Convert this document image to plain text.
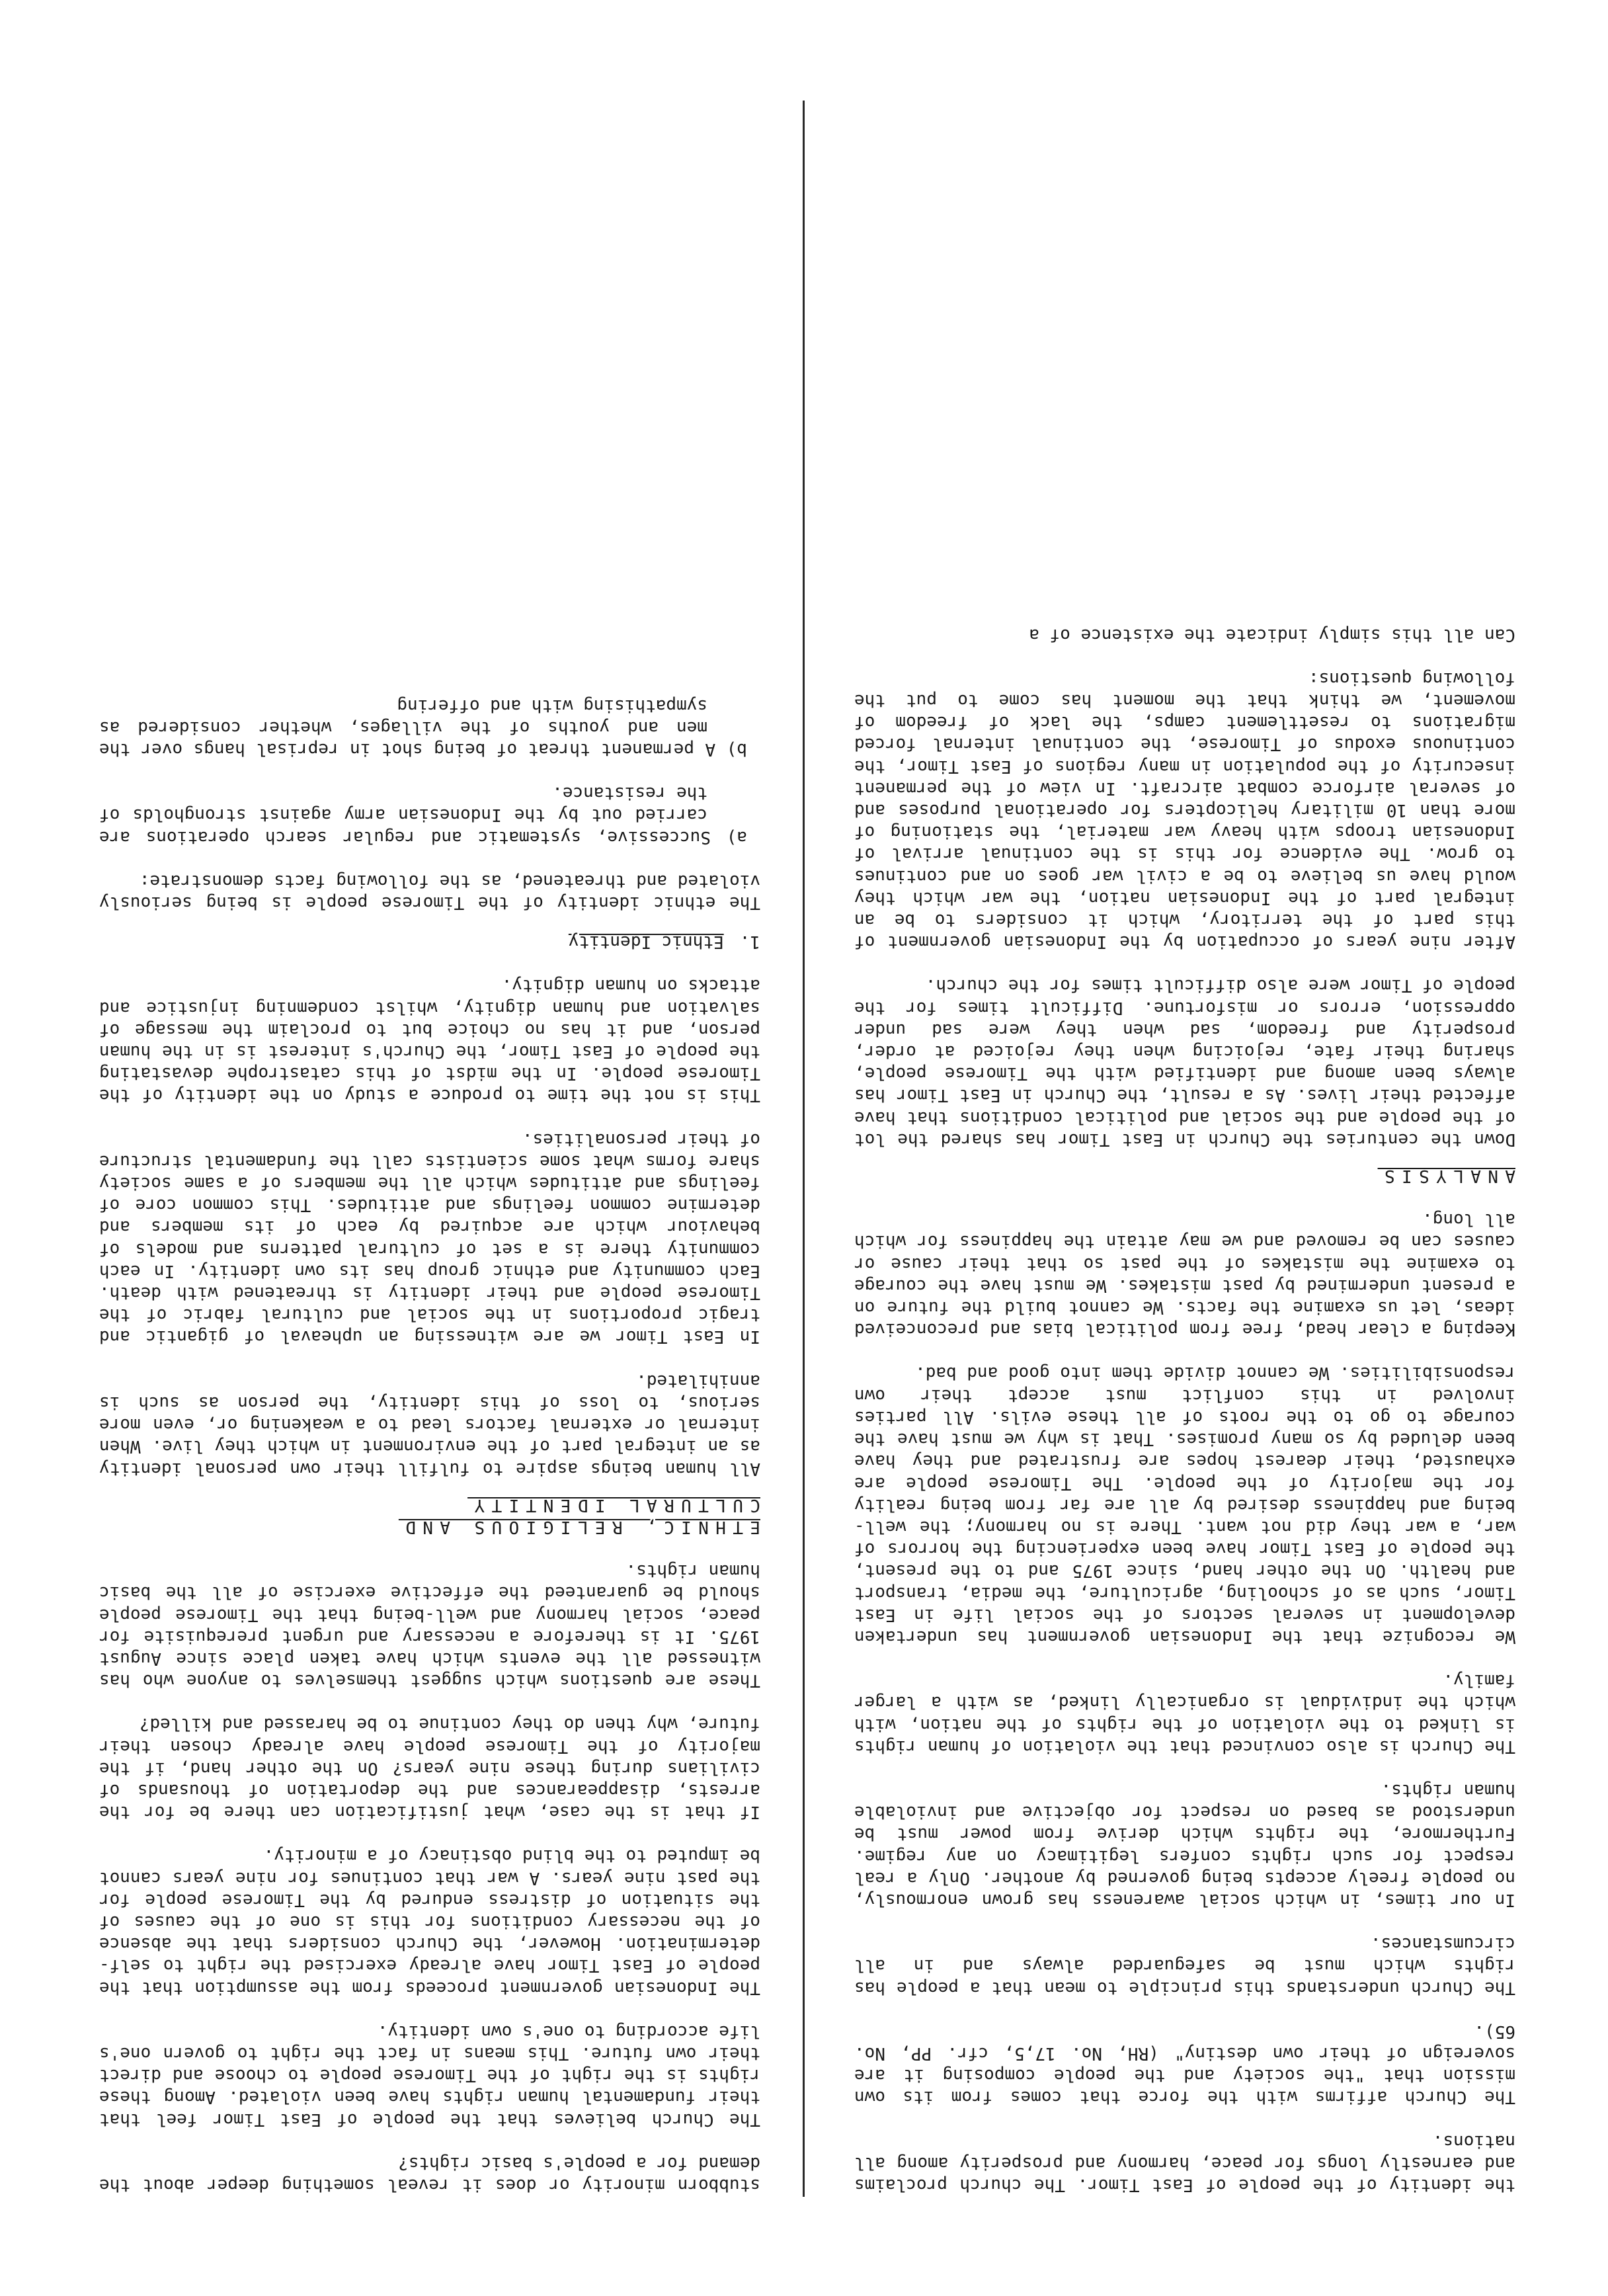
the identity of the people of East Timor. The church proclaims and earnestly longs for peace, harmony and prosperity among all nations.

The Church affirms with the force that comes from its own mission that "the society and the people composing it are sovereign of their own destiny" (RH, No. 17,5, cfr. PP, No. 65).

The Church understands this principle to mean that a people has rights which must be safeguarded always and in all circumstances.

In our times, in which social awareness has grown enormously, no people freely accepts being governed by another. Only a real respect for such rights confers legitimacy on any regime. Furthermore, the rights which derive from power must be understood as based on respect for objective and inviolable human rights.

The Church is also convinced that the violation of human rights is linked to the violation of the rights of the nation, with which the individual is organically linked, as with a larger family.

We recognize that the Indonesian government has undertaken development in several sectors of the social life in East Timor, such as of schooling, agriculture, the media, transport and health. On the other hand, since 1975 and to the present, the people of East Timor have been experiencing the horrors of war, a war they did not want. There is no harmony; the well-being and happiness desired by all are far from being reality for the majority of the people. The Timorese people are exhausted, their dearest hopes are frustrated and they have been deluded by so many promises. That is why we must have the courage to go to the roots of all these evils. All parties involved in this conflict must accept their own responsibilities. We cannot divide them into good and bad.

Keeping a clear head, free from political bias and preconceived ideas, let us examine the facts. We cannot build the future on a present undermined by past mistakes. We must have the courage to examine the mistakes of the past so that their cause or causes can be removed and we may attain the happiness for which all long.

ANALYSIS

Down the centuries the Church in East Timor has shared the lot of the people and the social and political conditions that have affected their lives. As a result, the Church in East Timor has always been among and identified with the Timorese people, sharing their fate, rejoicing when they rejoiced at order, prosperity and freedom, sad when they were sad under oppression, errors or misfortune. Difficult times for the people of Timor were also difficult times for the church.

After nine years of occupation by the Indonesian government of this part of the territory, which it considers to be an integral part of the Indonesian nation, the war which they would have us believe to be a civil war goes on and continues to grow. The evidence for this is the continual arrival of Indonesian troops with heavy war material, the stationing of more than 10 military helicopters for operational purposes and of several airforce combat aircraft. In view of the permanent insecurity of the population in many regions of East Timor, the continuous exodus of Timorese, the continual internal forced migrations to resettlement camps, the lack of freedom of movement, we think that the moment has come to put the following questions:

Can all this simply indicate the existence of a

stubborn minority or does it reveal something deeper about the demand for a people's basic rights?

The Church believes that the people of East Timor feel that their fundamental human rights have been violated. Among these rights is the right of the Timorese people to choose and direct their own future. This means in fact the right to govern one's life according to one's own identity.

The Indonesian government proceeds from the assumption that the people of East Timor have already exercised the right to self-determination. However, the Church considers that the absence of the necessary conditions for this is one of the causes of the situation of distress endured by the Timorese people for the past nine years. A war that continues for nine years cannot be imputed to the blind obstinacy of a minority.

If that is the case, what justification can there be for the arrests, disappearances and the deportation of thousands of civilians during these nine years? On the other hand, if the majority of the Timorese people have already chosen their future, why then do they continue to be harassed and killed?

These are questions which suggest themselves to anyone who has witnessed all the events which have taken place since August 1975. It is therefore a necessary and urgent prerequisite for peace, social harmony and well-being that the Timorese people should be guaranteed the effective exercise of all the basic human rights.

ETHNIC, RELIGIOUS AND
CULTURAL IDENTITY

All human beings aspire to fulfill their own personal identity as an integral part of the environment in which they live. When internal or external factors lead to a weakening or, even more serious, to loss of this identity, the person as such is annihilated.

In East Timor we are witnessing an upheaval of gigantic and tragic proportions in the social and cultural fabric of the Timorese people and their identity is threatened with death. Each community and ethnic group has its own identity. In each community there is a set of cultural patterns and models of behaviour which are acquired by each of its members and determine common feelings and attitudes. This common core of feelings and attitudes which all the members of a same society share forms what some scientists call the fundamental structure of their personalities.

This is not the time to produce a study on the identity of the Timorese people. In the midst of this catastrophe devastating the people of East Timor, the Church's interest is in the human person, and it has no choice but to proclaim the message of salvation and human dignity, whilst condemning injustice and attacks on human dignity.

1.Ethnic Identity

The ethnic identity of the Timorese people is being seriously violated and threatened, as the following facts demonstrate:

a) Successive, systematic and regular search operations are carried out by the Indonesian army against strongholds of the resistance.

b) A permanent threat of being shot in reprisal hangs over the men and youths of the villages, whether considered as sympathising with and offering
